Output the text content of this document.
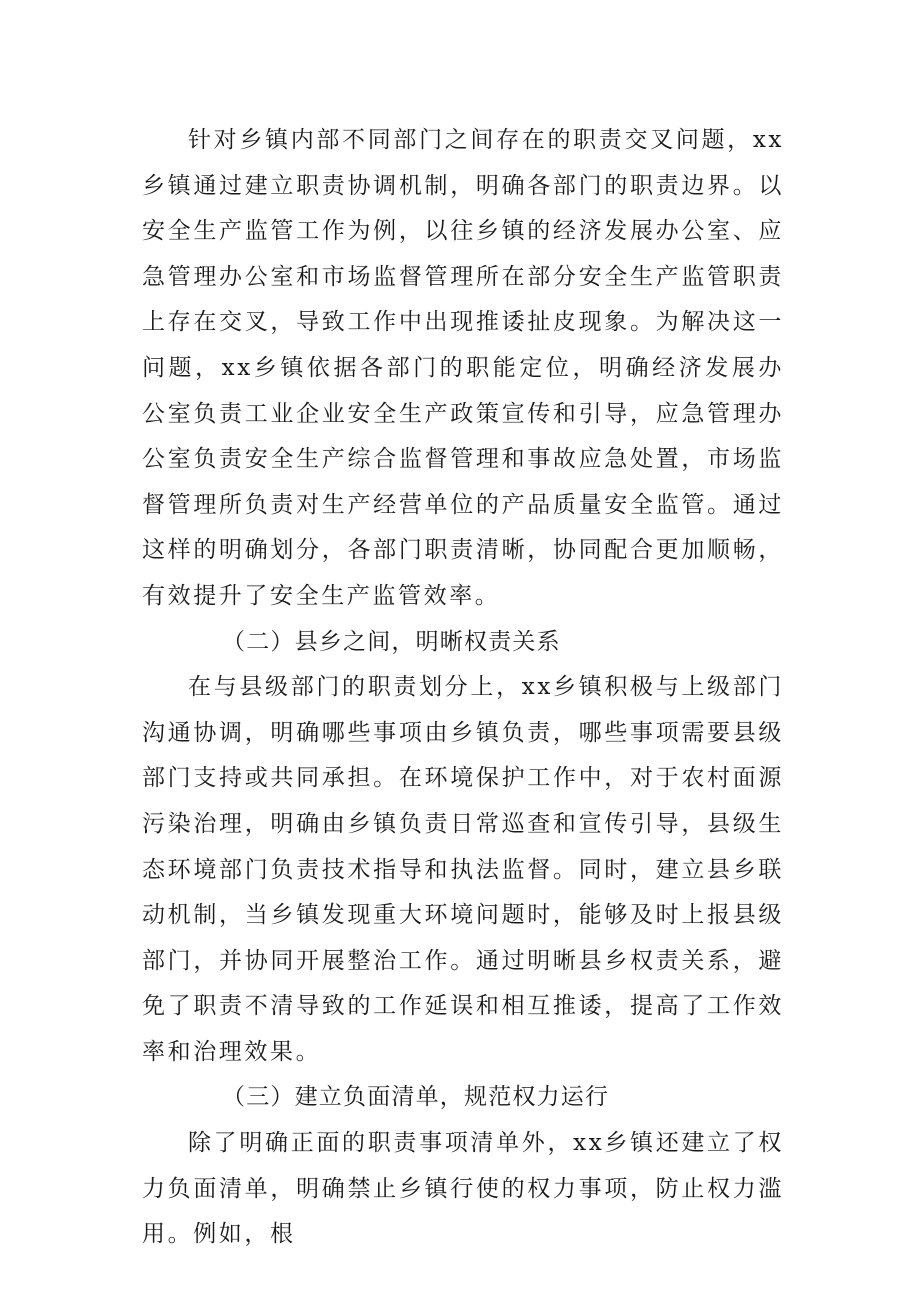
针对乡镇内部不同部门之间存在的职责交叉问题，xx乡镇通过建立职责协调机制，明确各部门的职责边界。以安全生产监管工作为例，以往乡镇的经济发展办公室、应急管理办公室和市场监督管理所在部分安全生产监管职责上存在交叉，导致工作中出现推诿扯皮现象。为解决这一问题，xx乡镇依据各部门的职能定位，明确经济发展办公室负责工业企业安全生产政策宣传和引导，应急管理办公室负责安全生产综合监督管理和事故应急处置，市场监督管理所负责对生产经营单位的产品质量安全监管。通过这样的明确划分，各部门职责清晰，协同配合更加顺畅，有效提升了安全生产监管效率。

（二）县乡之间，明晰权责关系

在与县级部门的职责划分上，xx乡镇积极与上级部门沟通协调，明确哪些事项由乡镇负责，哪些事项需要县级部门支持或共同承担。在环境保护工作中，对于农村面源污染治理，明确由乡镇负责日常巡查和宣传引导，县级生态环境部门负责技术指导和执法监督。同时，建立县乡联动机制，当乡镇发现重大环境问题时，能够及时上报县级部门，并协同开展整治工作。通过明晰县乡权责关系，避免了职责不清导致的工作延误和相互推诿，提高了工作效率和治理效果。

（三）建立负面清单，规范权力运行

除了明确正面的职责事项清单外，xx乡镇还建立了权力负面清单，明确禁止乡镇行使的权力事项，防止权力滥用。例如，根
